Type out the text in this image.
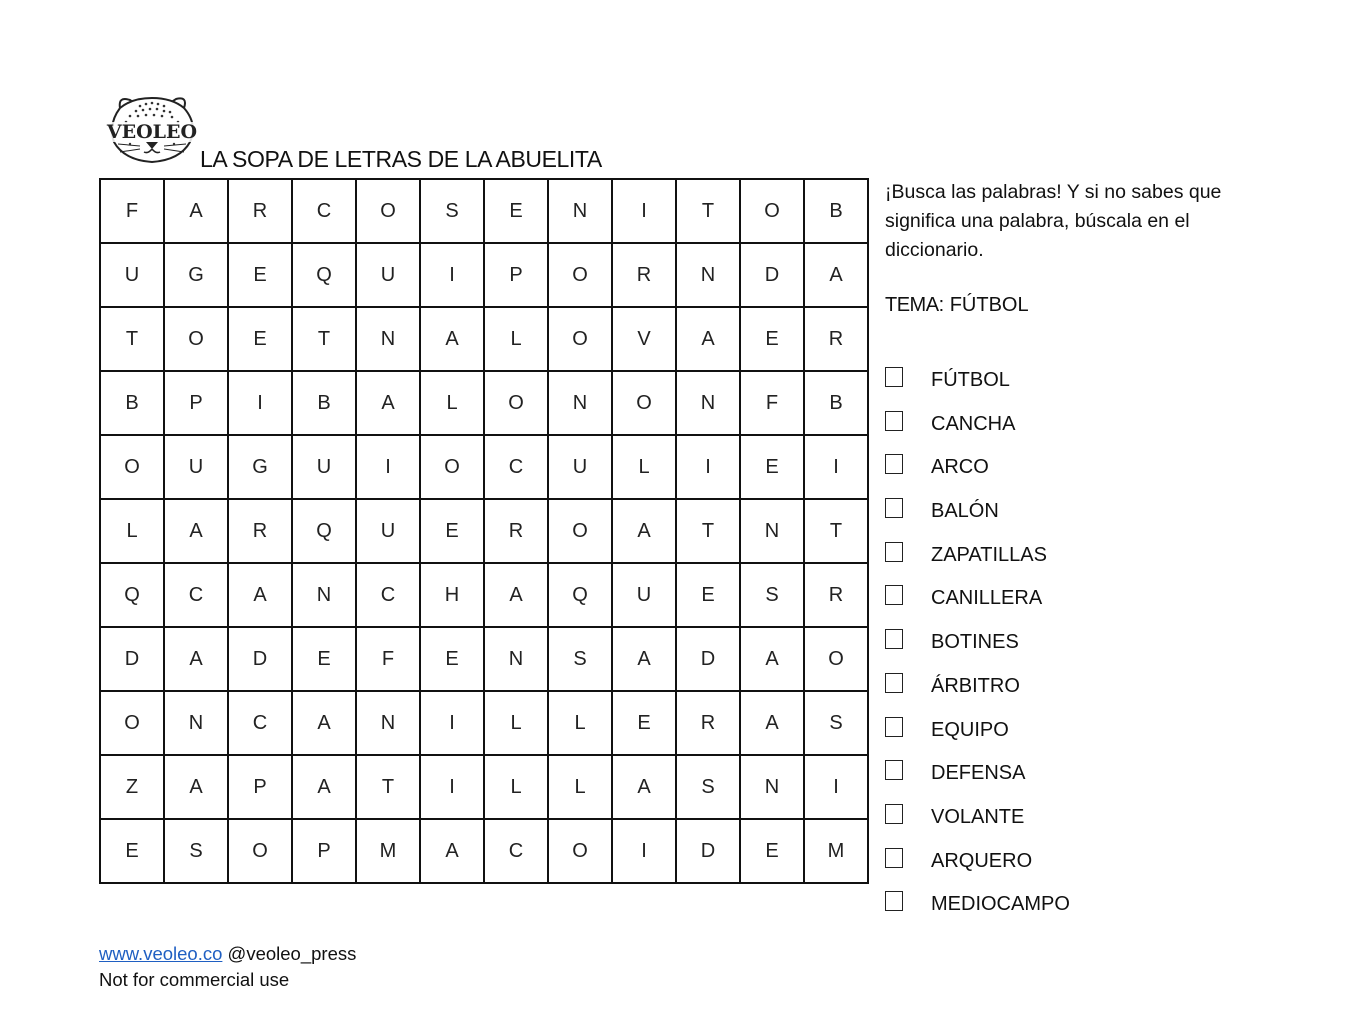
VEOLEO
LA SOPA DE LETRAS DE LA ABUELITA
F	A	R	C	O	S	E	N	I	T	O	B
U	G	E	Q	U	I	P	O	R	N	D	A
T	O	E	T	N	A	L	O	V	A	E	R
B	P	I	B	A	L	O	N	O	N	F	B
O	U	G	U	I	O	C	U	L	I	E	I
L	A	R	Q	U	E	R	O	A	T	N	T
Q	C	A	N	C	H	A	Q	U	E	S	R
D	A	D	E	F	E	N	S	A	D	A	O
O	N	C	A	N	I	L	L	E	R	A	S
Z	A	P	A	T	I	L	L	A	S	N	I
E	S	O	P	M	A	C	O	I	D	E	M
¡Busca las palabras! Y si no sabes que significa una palabra, búscala en el diccionario.
TEMA: FÚTBOL
FÚTBOL
CANCHA
ARCO
BALÓN
ZAPATILLAS
CANILLERA
BOTINES
ÁRBITRO
EQUIPO
DEFENSA
VOLANTE
ARQUERO
MEDIOCAMPO
www.veoleo.co @veoleo_press
Not for commercial use
